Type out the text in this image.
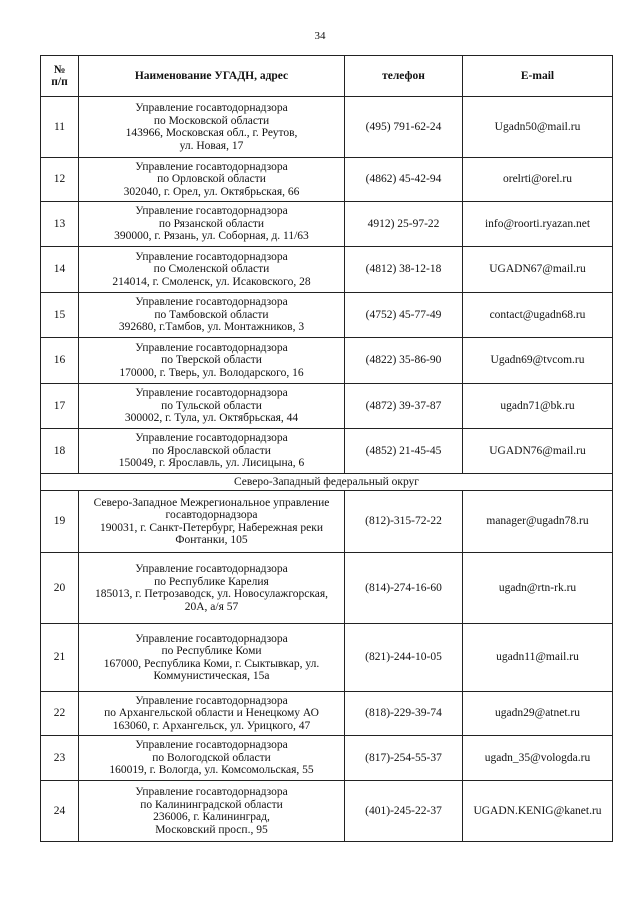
34
№
п/п	Наименование УГАДН, адрес	телефон	E-mail
11	Управление госавтодорнадзора
по Московской области
143966, Московская обл., г. Реутов,
ул. Новая, 17	(495) 791-62-24	Ugadn50@mail.ru
12	Управление госавтодорнадзора
по Орловской области
302040, г. Орел, ул. Октябрьская, 66	(4862) 45-42-94	orelrti@orel.ru
13	Управление госавтодорнадзора
по Рязанской области
390000, г. Рязань, ул. Соборная, д. 11/63	4912) 25-97-22	info@roorti.ryazan.net
14	Управление госавтодорнадзора
по Смоленской области
214014, г. Смоленск, ул. Исаковского, 28	(4812) 38-12-18	UGADN67@mail.ru
15	Управление госавтодорнадзора
по Тамбовской области
392680, г.Тамбов, ул. Монтажников, 3	(4752) 45-77-49	contact@ugadn68.ru
16	Управление госавтодорнадзора
по Тверской области
170000, г. Тверь, ул. Володарского, 16	(4822) 35-86-90	Ugadn69@tvcom.ru
17	Управление госавтодорнадзора
по Тульской области
300002, г. Тула, ул. Октябрьская, 44	(4872) 39-37-87	ugadn71@bk.ru
18	Управление госавтодорнадзора
по Ярославской области
150049, г. Ярославль, ул. Лисицына, 6	(4852) 21-45-45	UGADN76@mail.ru
Северо-Западный федеральный округ			
19	Северо-Западное Межрегиональное управление
госавтодорнадзора
190031, г. Санкт-Петербург, Набережная реки
Фонтанки, 105	(812)-315-72-22	manager@ugadn78.ru
20	Управление госавтодорнадзора
по Республике Карелия
185013, г. Петрозаводск, ул. Новосулажгорская,
20А, а/я 57	(814)-274-16-60	ugadn@rtn-rk.ru
21	Управление госавтодорнадзора
по Республике Коми
167000, Республика Коми, г. Сыктывкар, ул.
Коммунистическая, 15а	(821)-244-10-05	ugadn11@mail.ru
22	Управление госавтодорнадзора
по Архангельской области и Ненецкому АО
163060, г. Архангельск, ул. Урицкого, 47	(818)-229-39-74	ugadn29@atnet.ru
23	Управление госавтодорнадзора
по Вологодской области
160019, г. Вологда, ул. Комсомольская, 55	(817)-254-55-37	ugadn_35@vologda.ru
24	Управление госавтодорнадзора
по Калининградской области
236006, г. Калининград,
Московский просп., 95	(401)-245-22-37	UGADN.KENIG@kanet.ru
